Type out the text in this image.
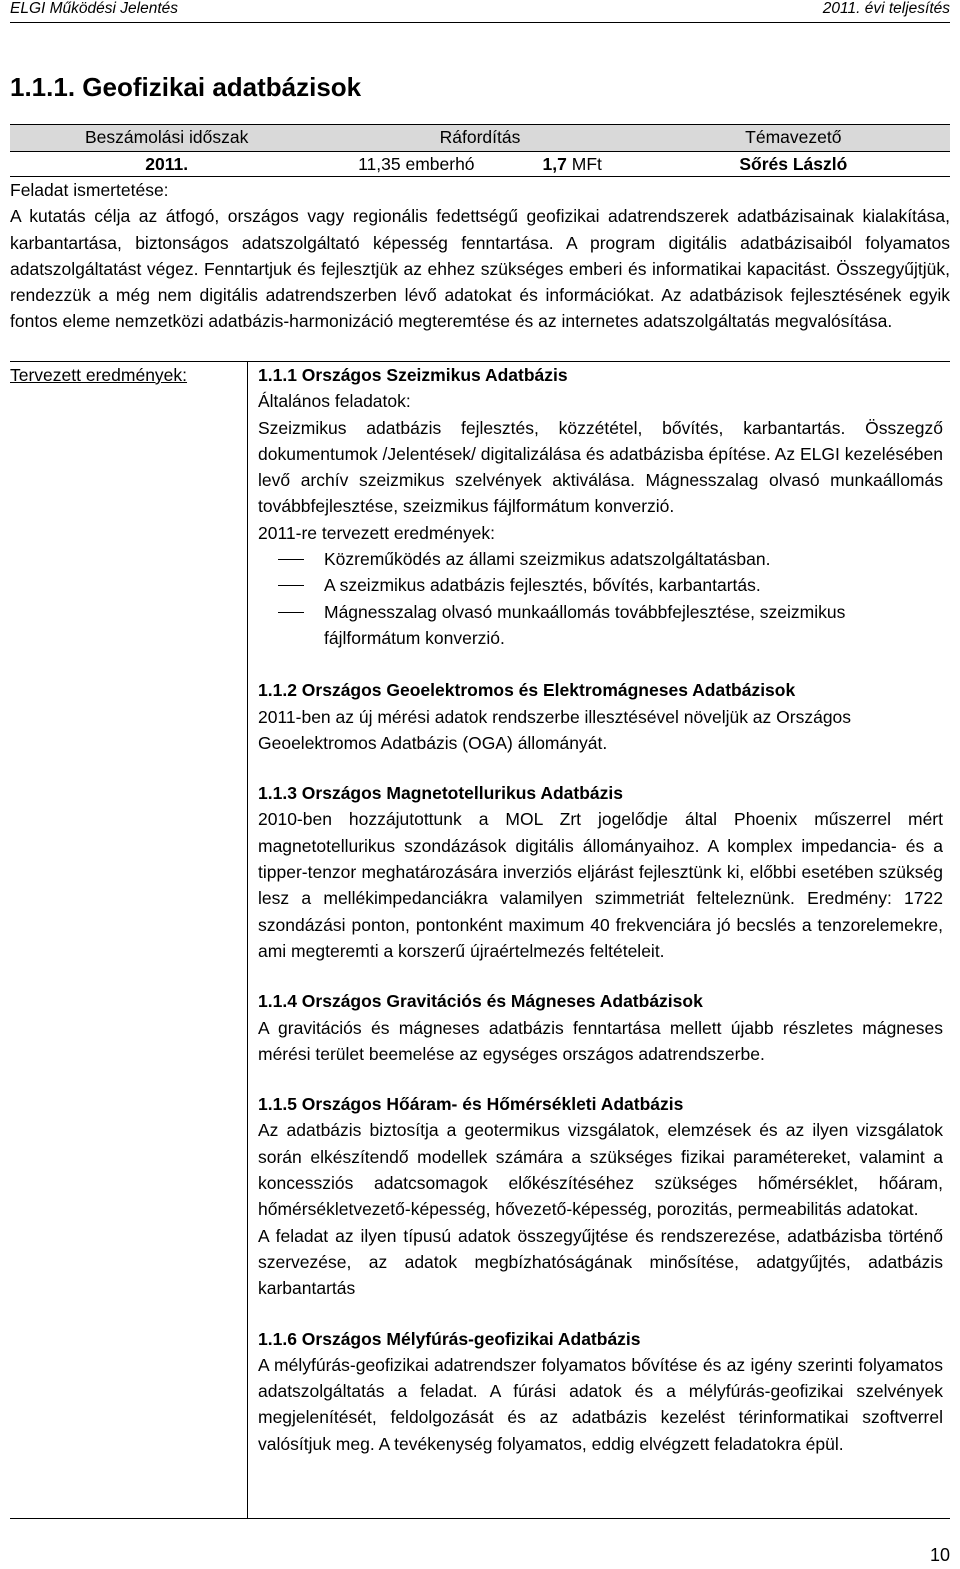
ELGI Működési Jelentés	2011. évi teljesítés
1.1.1. Geofizikai adatbázisok
Beszámolási időszak	Ráfordítás	Témavezető
2011.	11,35 emberhó	1,7 MFt	Sőrés László

Feladat ismertetése:

A kutatás célja az átfogó, országos vagy regionális fedettségű geofizikai adatrendszerek adatbázisainak kialakítása, karbantartása, biztonságos adatszolgáltató képesség fenntartása. A program digitális adatbázisaiból folyamatos adatszolgáltatást végez. Fenntartjuk és fejlesztjük az ehhez szükséges emberi és informatikai kapacitást. Összegyűjtjük, rendezzük a még nem digitális adatrendszerben lévő adatokat és információkat. Az adatbázisok fejlesztésének egyik fontos eleme nemzetközi adatbázis-harmonizáció megteremtése és az internetes adatszolgáltatás megvalósítása.

Tervezett eredmények:	1.1.1 Országos Szeizmikus Adatbázis

Általános feladatok:

Szeizmikus adatbázis fejlesztés, közzététel, bővítés, karbantartás. Összegző dokumentumok /Jelentések/ digitalizálása és adatbázisba építése. Az ELGI kezelésében levő archív szeizmikus szelvények aktiválása. Mágnesszalag olvasó munkaállomás továbbfejlesztése, szeizmikus fájlformátum konverzió.

2011-re tervezett eredmények:

Közreműködés az állami szeizmikus adatszolgáltatásban.
A szeizmikus adatbázis fejlesztés, bővítés, karbantartás.
Mágnesszalag olvasó munkaállomás továbbfejlesztése, szeizmikus fájlformátum konverzió.
1.1.2 Országos Geoelektromos és Elektromágneses Adatbázisok

2011-ben az új mérési adatok rendszerbe illesztésével növeljük az Országos Geoelektromos Adatbázis (OGA) állományát.

1.1.3 Országos Magnetotellurikus Adatbázis

2010-ben hozzájutottunk a MOL Zrt jogelődje által Phoenix műszerrel mért magnetotellurikus szondázások digitális állományaihoz. A komplex impedancia- és a tipper-tenzor meghatározására inverziós eljárást fejlesztünk ki, előbbi esetében szükség lesz a mellékimpedanciákra valamilyen szimmetriát felteleznünk. Eredmény: 1722 szondázási ponton, pontonként maximum 40 frekvenciára jó becslés a tenzorelemekre, ami megteremti a korszerű újraértelmezés feltételeit.

1.1.4 Országos Gravitációs és Mágneses Adatbázisok

A gravitációs és mágneses adatbázis fenntartása mellett újabb részletes mágneses mérési terület beemelése az egységes országos adatrendszerbe.

1.1.5 Országos Hőáram- és Hőmérsékleti Adatbázis

Az adatbázis biztosítja a geotermikus vizsgálatok, elemzések és az ilyen vizsgálatok során elkészítendő modellek számára a szükséges fizikai paramétereket, valamint a koncessziós adatcsomagok előkészítéséhez szükséges hőmérséklet, hőáram, hőmérsékletvezető-képesség, hővezető-képesség, porozitás, permeabilitás adatokat.

A feladat az ilyen típusú adatok összegyűjtése és rendszerezése, adatbázisba történő szervezése, az adatok megbízhatóságának minősítése, adatgyűjtés, adatbázis karbantartás

1.1.6 Országos Mélyfúrás-geofizikai Adatbázis

A mélyfúrás-geofizikai adatrendszer folyamatos bővítése és az igény szerinti folyamatos adatszolgáltatás a feladat. A fúrási adatok és a mélyfúrás-geofizikai szelvények megjelenítését, feldolgozását és az adatbázis kezelést térinformatikai szoftverrel valósítjuk meg. A tevékenység folyamatos, eddig elvégzett feladatokra épül.

10
